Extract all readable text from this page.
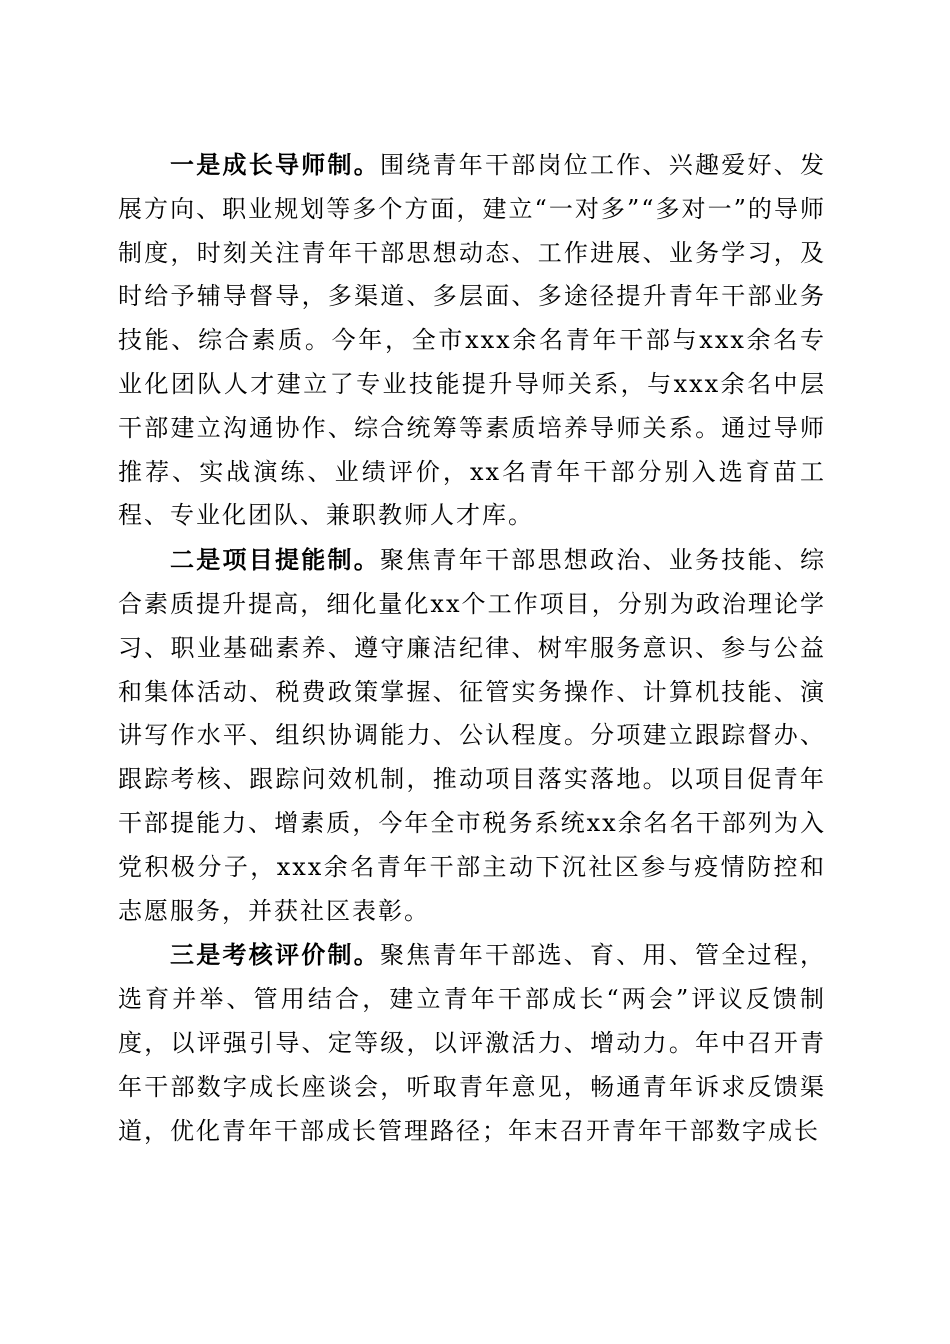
一是成长导师制。围绕青年干部岗位工作、兴趣爱好、发展方向、职业规划等多个方面，建立“一对多”“多对一”的导师制度，时刻关注青年干部思想动态、工作进展、业务学习，及时给予辅导督导，多渠道、多层面、多途径提升青年干部业务技能、综合素质。今年，全市xxx余名青年干部与xxx余名专业化团队人才建立了专业技能提升导师关系，与xxx余名中层干部建立沟通协作、综合统筹等素质培养导师关系。通过导师推荐、实战演练、业绩评价，xx名青年干部分别入选育苗工程、专业化团队、兼职教师人才库。

二是项目提能制。聚焦青年干部思想政治、业务技能、综合素质提升提高，细化量化xx个工作项目，分别为政治理论学习、职业基础素养、遵守廉洁纪律、树牢服务意识、参与公益和集体活动、税费政策掌握、征管实务操作、计算机技能、演讲写作水平、组织协调能力、公认程度。分项建立跟踪督办、跟踪考核、跟踪问效机制，推动项目落实落地。以项目促青年干部提能力、增素质，今年全市税务系统xx余名名干部列为入党积极分子，xxx余名青年干部主动下沉社区参与疫情防控和志愿服务，并获社区表彰。

三是考核评价制。聚焦青年干部选、育、用、管全过程，选育并举、管用结合，建立青年干部成长“两会”评议反馈制度，以评强引导、定等级，以评激活力、增动力。年中召开青年干部数字成长座谈会，听取青年意见，畅通青年诉求反馈渠道，优化青年干部成长管理路径；年末召开青年干部数字成长
